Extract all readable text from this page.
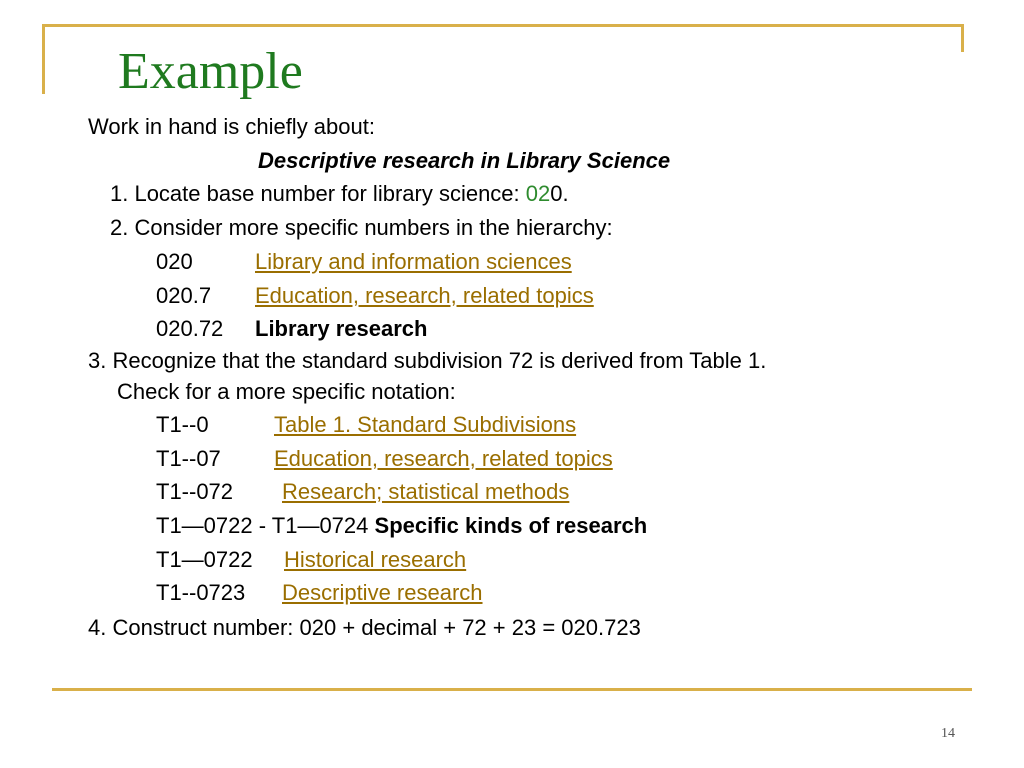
Example
Work in hand is chiefly about:
Descriptive research in Library Science
1. Locate base number for library science: 020.
2. Consider more specific numbers in the hierarchy:
020	Library and information sciences
020.7 Education, research, related topics
020.72 Library research
3. Recognize that the standard subdivision 72 is derived from Table 1.
Check for a more specific notation:
T1--0	Table 1. Standard Subdivisions
T1--07 Education, research, related topics
T1--072 Research; statistical methods
T1—0722 - T1—0724 Specific kinds of research
T1—0722 Historical research
T1--0723 Descriptive research
4. Construct number: 020 + decimal + 72 + 23 = 020.723
14
